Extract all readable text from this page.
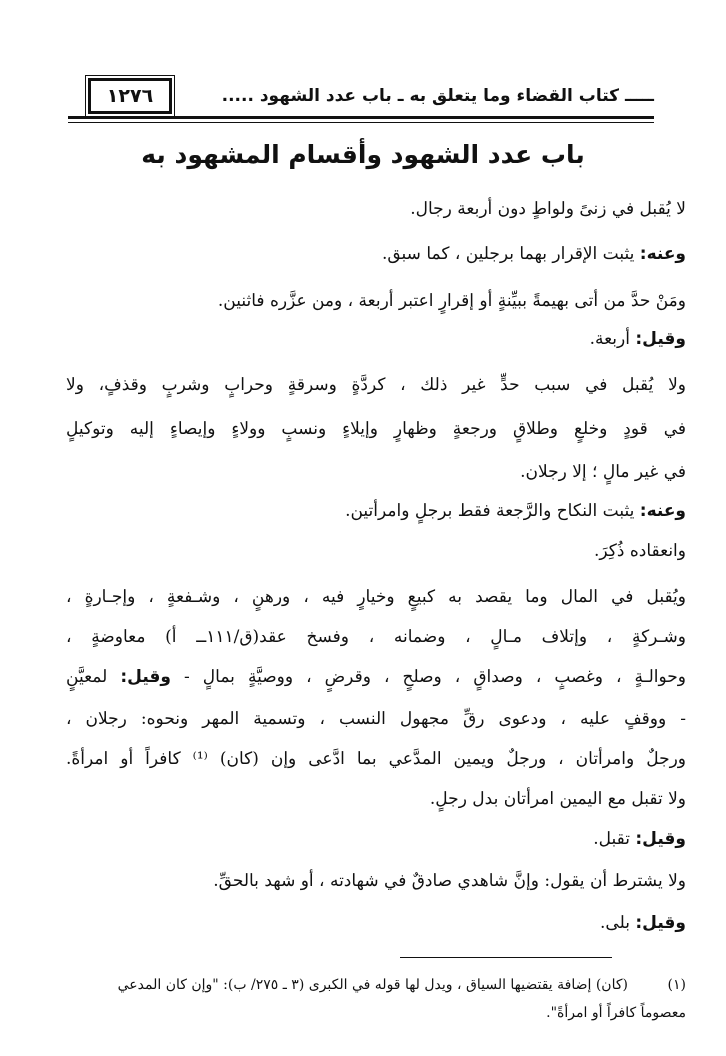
١٢٧٦	ـــــ كتاب القضاء وما يتعلق به ـ باب عدد الشهود .....
باب عدد الشهود وأقسام المشهود به
لا يُقبل في زنىً ولواطٍ دون أربعة رجال.
وعنه: يثبت الإقرار بهما برجلين ، كما سبق.
ومَنْ حدَّ من أتى بهيمةً ببيِّنةٍ أو إقرارٍ اعتبر أربعة ، ومن عزَّره فاثنين.
وقيل: أربعة.
ولا يُقبل في سبب حدٍّ غير ذلك ، كردَّةٍ وسرقةٍ وحرابٍ وشربٍ وقذفٍ، ولا
في قودٍ وخلعٍ وطلاقٍ ورجعةٍ وظهارٍ وإيلاءٍ ونسبٍ وولاءٍ وإيصاءٍ إليه وتوكيلٍ
في غير مالٍ ؛ إلا رجلان.
وعنه: يثبت النكاح والرَّجعة فقط برجلٍ وامرأتين.
وانعقاده ذُكِرَ.
ويُقبل في المال وما يقصد به كبيعٍ وخيارٍ فيه ، ورهنٍ ، وشـفعةٍ ، وإجـارةٍ ،
وشـركةٍ ، وإتلاف مـالٍ ، وضمانه ، وفسخ عقد(ق/١١١ــ أ) معاوضةٍ ،
وحوالـةٍ ، وغصبٍ ، وصداقٍ ، وصلحٍ ، وقرضٍ ، ووصيَّةٍ بمالٍ - وقيل: لمعيَّنٍ
- ووقفٍ عليه ، ودعوى رقِّ مجهول النسب ، وتسمية المهر ونحوه: رجلان ،
ورجلٌ وامرأتان ، ورجلٌ ويمين المدَّعي بما ادَّعى وإن (كان) ⁽¹⁾ كافراً أو امرأةً.
ولا تقبل مع اليمين امرأتان بدل رجلٍ.
وقيل: تقبل.
ولا يشترط أن يقول: وإنَّ شاهدي صادقٌ في شهادته ، أو شهد بالحقِّ.
وقيل: بلى.
(١)
(كان) إضافة يقتضيها السياق ، ويدل لها قوله في الكبرى (٣ ـ ٢٧٥/ ب): "وإن كان المدعي
معصوماً كافراً أو امرأةً".
